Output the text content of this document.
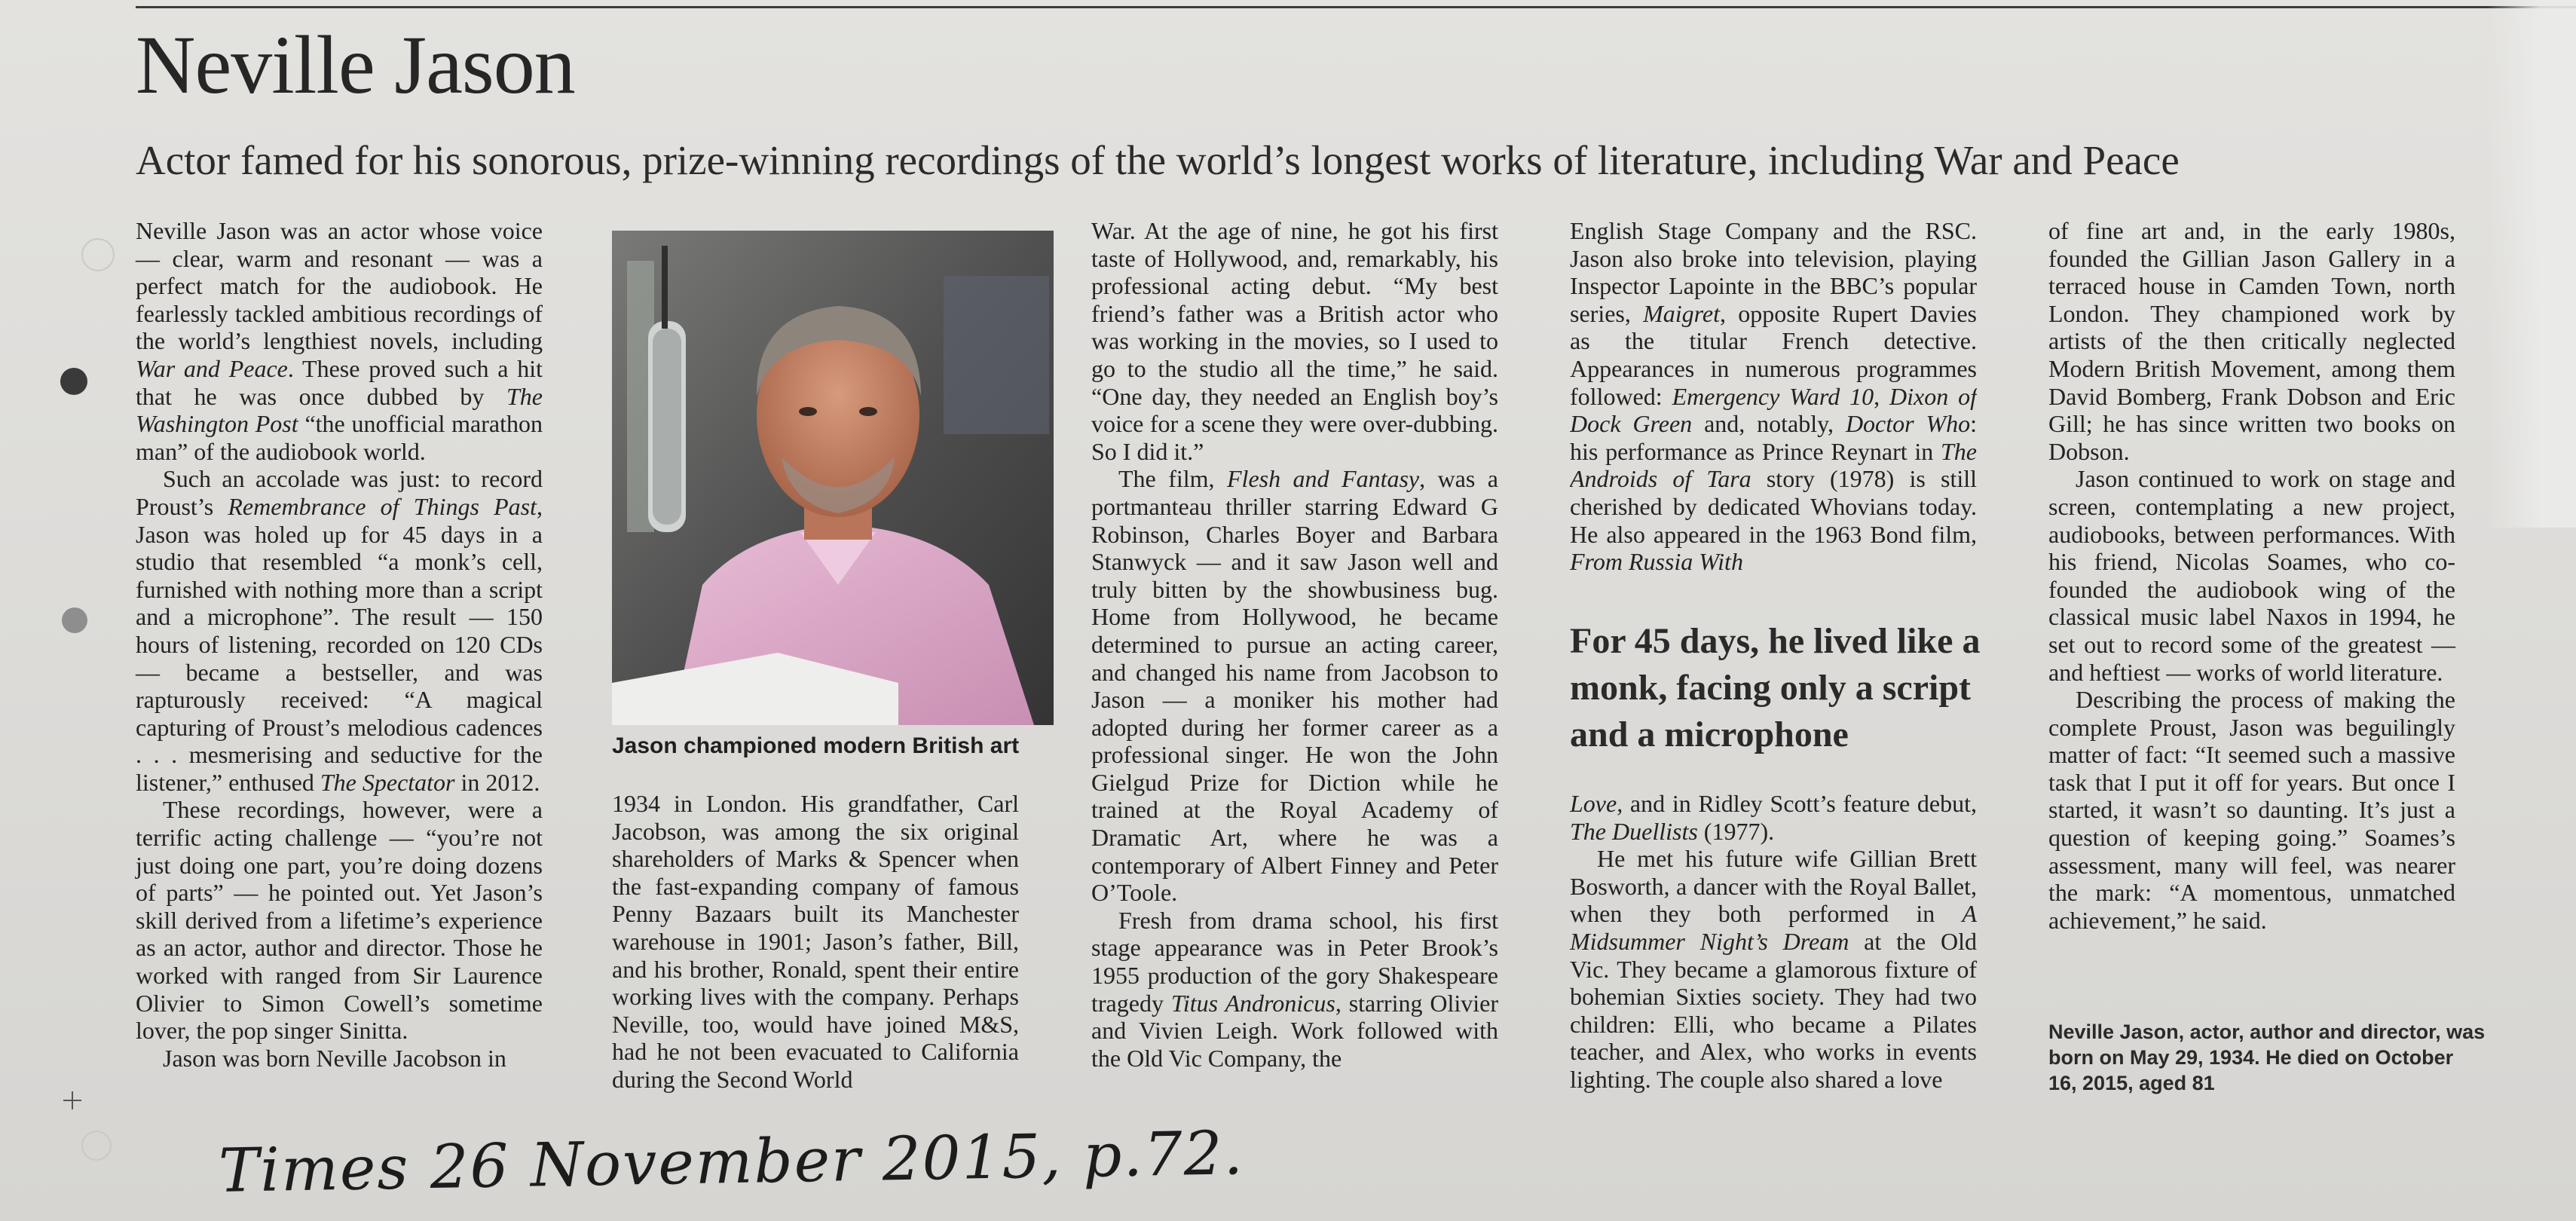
Neville Jason
Actor famed for his sonorous, prize-winning recordings of the world’s longest works of literature, including War and Peace

Neville Jason was an actor whose voice — clear, warm and resonant — was a perfect match for the audiobook. He fearlessly tackled ambitious recordings of the world’s lengthiest novels, including War and Peace. These proved such a hit that he was once dubbed by The Washington Post “the unofficial marathon man” of the audiobook world.

Such an accolade was just: to record Proust’s Remembrance of Things Past, Jason was holed up for 45 days in a studio that resembled “a monk’s cell, furnished with nothing more than a script and a microphone”. The result — 150 hours of listening, recorded on 120 CDs — became a bestseller, and was rapturously received: “A magical capturing of Proust’s melodious cadences . . . mesmerising and seductive for the listener,” enthused The Spectator in 2012.

These recordings, however, were a terrific acting challenge — “you’re not just doing one part, you’re doing dozens of parts” — he pointed out. Yet Jason’s skill derived from a lifetime’s experience as an actor, author and director. Those he worked with ranged from Sir Laurence Olivier to Simon Cowell’s sometime lover, the pop singer Sinitta.

Jason was born Neville Jacobson in

Jason championed modern British art

1934 in London. His grandfather, Carl Jacobson, was among the six original shareholders of Marks & Spencer when the fast-expanding company of famous Penny Bazaars built its Manchester warehouse in 1901; Jason’s father, Bill, and his brother, Ronald, spent their entire working lives with the company. Perhaps Neville, too, would have joined M&S, had he not been evacuated to California during the Second World

War. At the age of nine, he got his first taste of Hollywood, and, remarkably, his professional acting debut. “My best friend’s father was a British actor who was working in the movies, so I used to go to the studio all the time,” he said. “One day, they needed an English boy’s voice for a scene they were over-dubbing. So I did it.”

The film, Flesh and Fantasy, was a portmanteau thriller starring Edward G Robinson, Charles Boyer and Barbara Stanwyck — and it saw Jason well and truly bitten by the showbusiness bug. Home from Hollywood, he became determined to pursue an acting career, and changed his name from Jacobson to Jason — a moniker his mother had adopted during her former career as a professional singer. He won the John Gielgud Prize for Diction while he trained at the Royal Academy of Dramatic Art, where he was a contemporary of Albert Finney and Peter O’Toole.

Fresh from drama school, his first stage appearance was in Peter Brook’s 1955 production of the gory Shakespeare tragedy Titus Andronicus, starring Olivier and Vivien Leigh. Work followed with the Old Vic Company, the

English Stage Company and the RSC. Jason also broke into television, playing Inspector Lapointe in the BBC’s popular series, Maigret, opposite Rupert Davies as the titular French detective. Appearances in numerous programmes followed: Emergency Ward 10, Dixon of Dock Green and, notably, Doctor Who: his performance as Prince Reynart in The Androids of Tara story (1978) is still cherished by dedicated Whovians today. He also appeared in the 1963 Bond film, From Russia With

Love, and in Ridley Scott’s feature debut, The Duellists (1977).

He met his future wife Gillian Brett Bosworth, a dancer with the Royal Ballet, when they both performed in A Midsummer Night’s Dream at the Old Vic. They became a glamorous fixture of bohemian Sixties society. They had two children: Elli, who became a Pilates teacher, and Alex, who works in events lighting. The couple also shared a love

For 45 days, he lived like a monk, facing only a script and a microphone

of fine art and, in the early 1980s, founded the Gillian Jason Gallery in a terraced house in Camden Town, north London. They championed work by artists of the then critically neglected Modern British Movement, among them David Bomberg, Frank Dobson and Eric Gill; he has since written two books on Dobson.

Jason continued to work on stage and screen, contemplating a new project, audiobooks, between performances. With his friend, Nicolas Soames, who co-founded the audiobook wing of the classical music label Naxos in 1994, he set out to record some of the greatest — and heftiest — works of world literature.

Describing the process of making the complete Proust, Jason was beguilingly matter of fact: “It seemed such a massive task that I put it off for years. But once I started, it wasn’t so daunting. It’s just a question of keeping going.” Soames’s assessment, many will feel, was nearer the mark: “A momentous, unmatched achievement,” he said.

Neville Jason, actor, author and director, was born on May 29, 1934. He died on October 16, 2015, aged 81
Times 26 November 2015, p.72.
